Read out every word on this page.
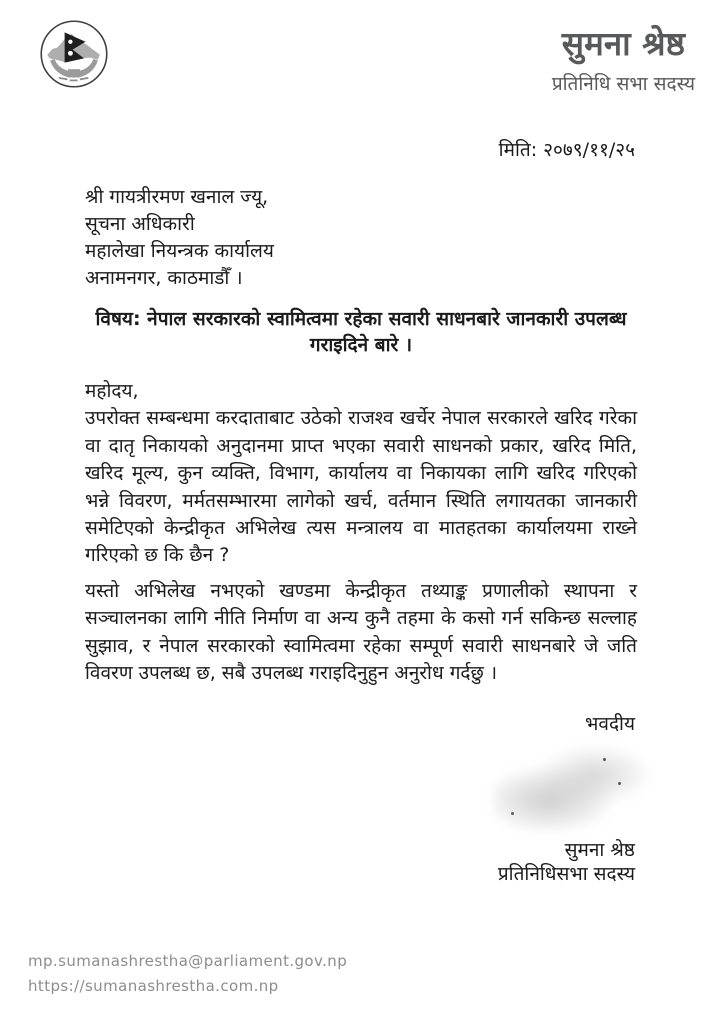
सुमना श्रेष्ठ
प्रतिनिधि सभा सदस्य
मिति: २०७९/११/२५
श्री गायत्रीरमण खनाल ज्यू,
सूचना अधिकारी
महालेखा नियन्त्रक कार्यालय
अनामनगर, काठमाडौँ ।
विषय: नेपाल सरकारको स्वामित्वमा रहेका सवारी साधनबारे जानकारी उपलब्ध गराइदिने बारे ।
महोदय,

उपरोक्त सम्बन्धमा करदाताबाट उठेको राजश्व खर्चेर नेपाल सरकारले खरिद गरेका वा दातृ निकायको अनुदानमा प्राप्त भएका सवारी साधनको प्रकार, खरिद मिति, खरिद मूल्य, कुन व्यक्ति, विभाग, कार्यालय वा निकायका लागि खरिद गरिएको भन्ने विवरण, मर्मतसम्भारमा लागेको खर्च, वर्तमान स्थिति लगायतका जानकारी समेटिएको केन्द्रीकृत अभिलेख त्यस मन्त्रालय वा मातहतका कार्यालयमा राख्ने गरिएको छ कि छैन ?

यस्तो अभिलेख नभएको खण्डमा केन्द्रीकृत तथ्याङ्क प्रणालीको स्थापना र सञ्चालनका लागि नीति निर्माण वा अन्य कुनै तहमा के कसो गर्न सकिन्छ सल्लाह सुझाव, र नेपाल सरकारको स्वामित्वमा रहेका सम्पूर्ण सवारी साधनबारे जे जति विवरण उपलब्ध छ, सबै उपलब्ध गराइदिनुहुन अनुरोध गर्दछु ।

भवदीय
सुमना श्रेष्ठ
प्रतिनिधिसभा सदस्य
mp.sumanashrestha@parliament.gov.np
https://sumanashrestha.com.np
